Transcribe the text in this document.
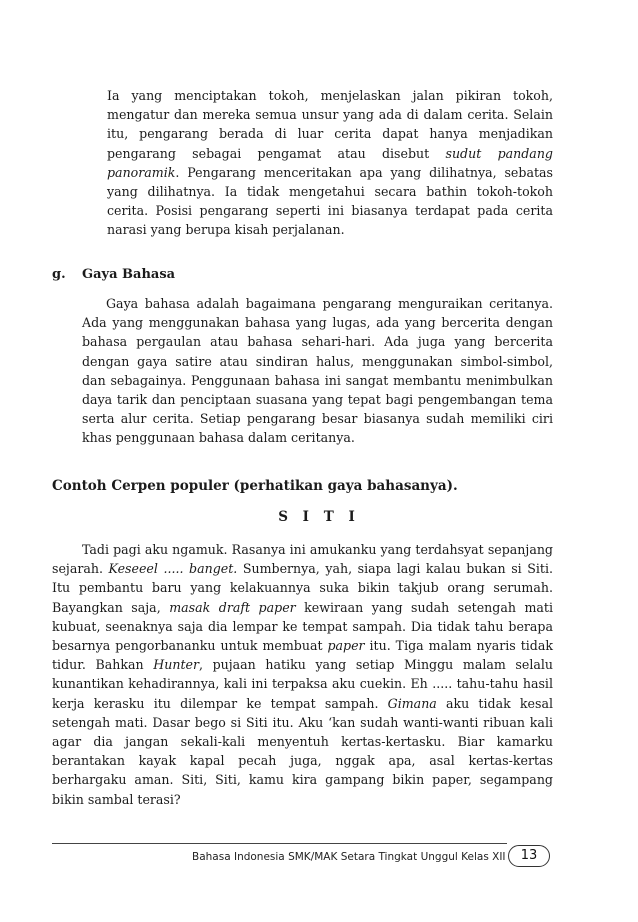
Ia yang menciptakan tokoh, menjelaskan jalan pikiran tokoh, mengatur dan mereka semua unsur yang ada di dalam cerita. Selain itu, pengarang berada di luar cerita dapat hanya menjadikan pengarang sebagai pengamat atau disebut sudut pandang panoramik. Pengarang menceritakan apa yang dilihatnya, sebatas yang dilihatnya. Ia tidak mengetahui secara bathin tokoh-tokoh cerita. Posisi pengarang seperti ini biasanya terdapat pada cerita narasi yang berupa kisah perjalanan.

g. Gaya Bahasa

Gaya bahasa adalah bagaimana pengarang menguraikan ceritanya. Ada yang menggunakan bahasa yang lugas, ada yang bercerita dengan bahasa pergaulan atau bahasa sehari-hari. Ada juga yang bercerita dengan gaya satire atau sindiran halus, menggunakan simbol-simbol, dan sebagainya. Penggunaan bahasa ini sangat membantu menimbulkan daya tarik dan penciptaan suasana yang tepat bagi pengembangan tema serta alur cerita. Setiap pengarang besar biasanya sudah memiliki ciri khas penggunaan bahasa dalam ceritanya.

Contoh Cerpen populer (perhatikan gaya bahasanya).
S I T I

Tadi pagi aku ngamuk. Rasanya ini amukanku yang terdahsyat sepanjang sejarah. Keseeel ..... banget. Sumbernya, yah, siapa lagi kalau bukan si Siti. Itu pembantu baru yang kelakuannya suka bikin takjub orang serumah. Bayangkan saja, masak draft paper kewiraan yang sudah setengah mati kubuat, seenaknya saja dia lempar ke tempat sampah. Dia tidak tahu berapa besarnya pengorbananku untuk membuat paper itu. Tiga malam nyaris tidak tidur. Bahkan Hunter, pujaan hatiku yang setiap Minggu malam selalu kunantikan kehadirannya, kali ini terpaksa aku cuekin. Eh ..... tahu-tahu hasil kerja kerasku itu dilempar ke tempat sampah. Gimana aku tidak kesal setengah mati. Dasar bego si Siti itu. Aku ‘kan sudah wanti-wanti ribuan kali agar dia jangan sekali-kali menyentuh kertas-kertasku. Biar kamarku berantakan kayak kapal pecah juga, nggak apa, asal kertas-kertas berhargaku aman. Siti, Siti, kamu kira gampang bikin paper, segampang bikin sambal terasi?

Bahasa Indonesia SMK/MAK Setara Tingkat Unggul Kelas XII	13
